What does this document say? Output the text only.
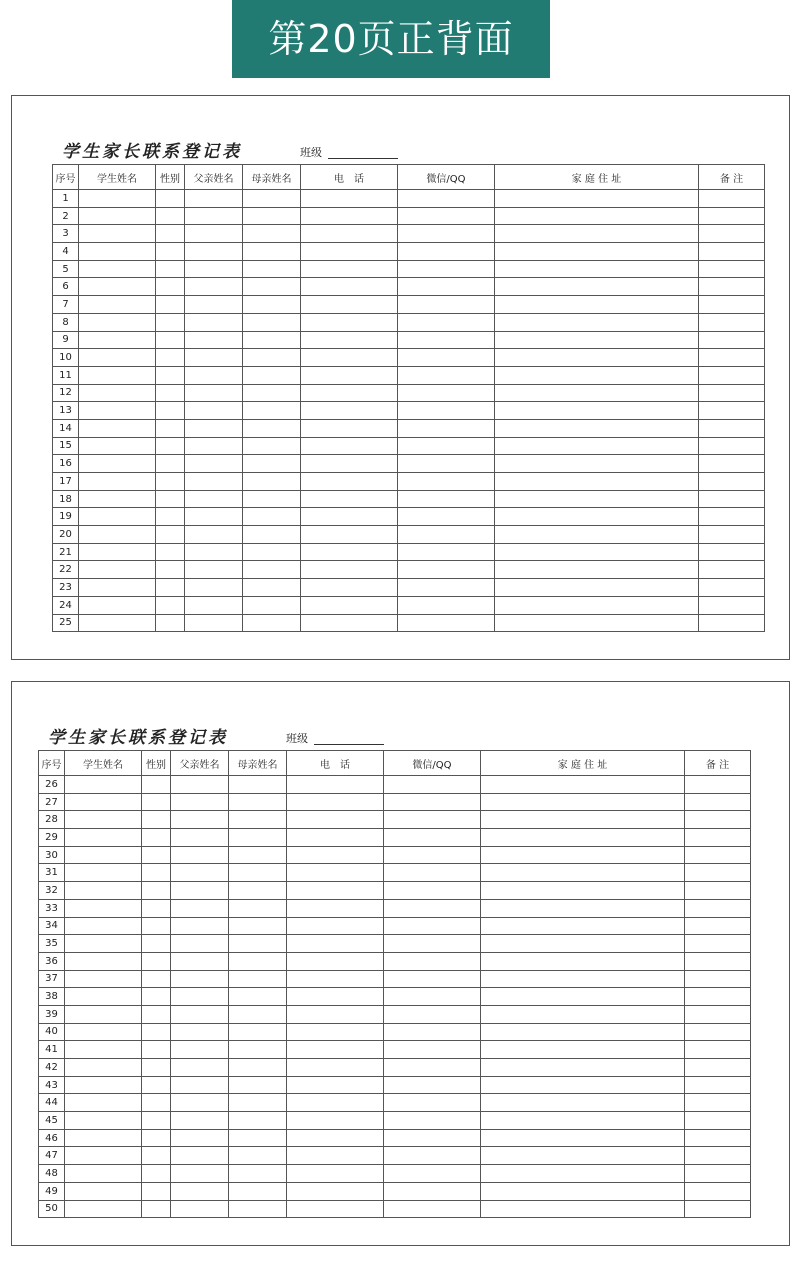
第20页正背面
学生家长联系登记表	班级
序号	学生姓名	性别	父亲姓名	母亲姓名	电　话	微信/QQ	家 庭 住 址	备 注
1								
2								
3								
4								
5								
6								
7								
8								
9								
10								
11								
12								
13								
14								
15								
16								
17								
18								
19								
20								
21								
22								
23								
24								
25								
学生家长联系登记表	班级
序号	学生姓名	性别	父亲姓名	母亲姓名	电　话	微信/QQ	家 庭 住 址	备 注
26								
27								
28								
29								
30								
31								
32								
33								
34								
35								
36								
37								
38								
39								
40								
41								
42								
43								
44								
45								
46								
47								
48								
49								
50								
